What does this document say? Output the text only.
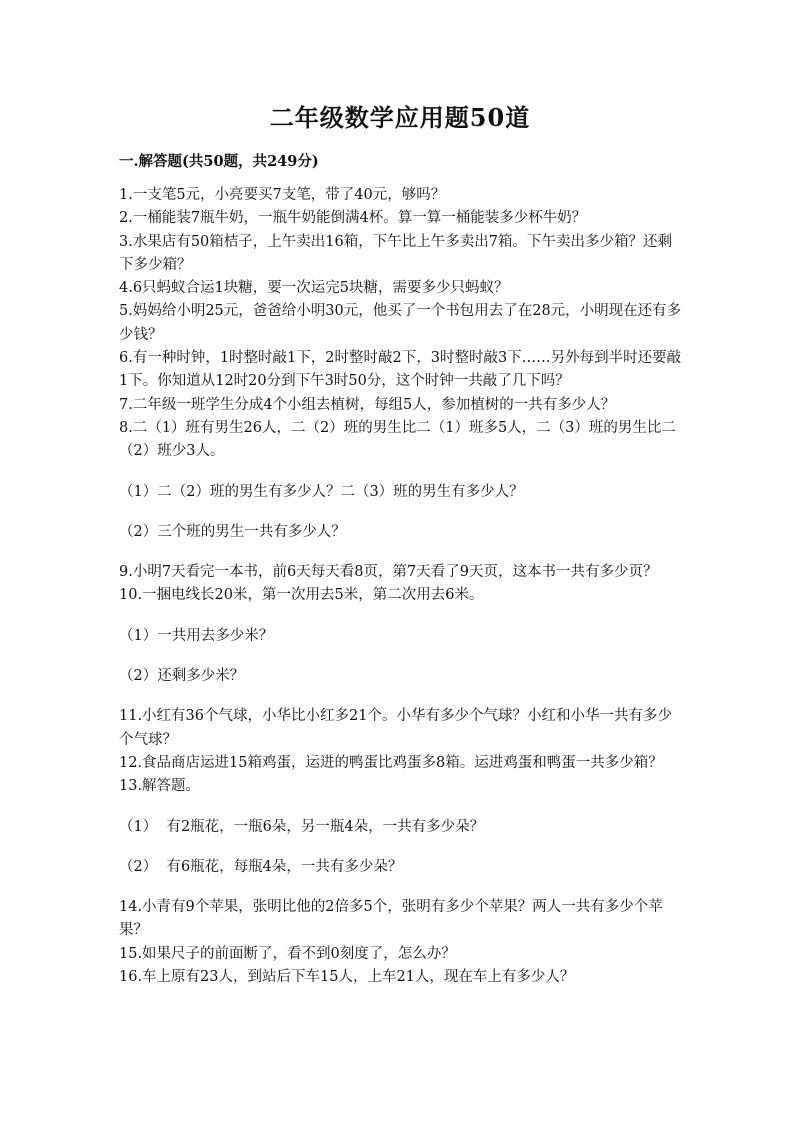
二年级数学应用题50道
一.解答题(共50题，共249分)

1.一支笔5元，小亮要买7支笔，带了40元，够吗？

2.一桶能装7瓶牛奶，一瓶牛奶能倒满4杯。算一算一桶能装多少杯牛奶？

3.水果店有50箱桔子，上午卖出16箱，下午比上午多卖出7箱。下午卖出多少箱？还剩下多少箱？

4.6只蚂蚁合运1块糖，要一次运完5块糖，需要多少只蚂蚁？

5.妈妈给小明25元，爸爸给小明30元，他买了一个书包用去了在28元，小明现在还有多少钱？

6.有一种时钟，1时整时敲1下，2时整时敲2下，3时整时敲3下……另外每到半时还要敲1下。你知道从12时20分到下午3时50分，这个时钟一共敲了几下吗？

7.二年级一班学生分成4个小组去植树，每组5人，参加植树的一共有多少人？

8.二（1）班有男生26人，二（2）班的男生比二（1）班多5人，二（3）班的男生比二（2）班少3人。

（1）二（2）班的男生有多少人？二（3）班的男生有多少人？

（2）三个班的男生一共有多少人？

9.小明7天看完一本书，前6天每天看8页，第7天看了9天页，这本书一共有多少页？

10.一捆电线长20米，第一次用去5米，第二次用去6米。

（1）一共用去多少米？

（2）还剩多少米？

11.小红有36个气球，小华比小红多21个。小华有多少个气球？小红和小华一共有多少个气球？

12.食品商店运进15箱鸡蛋，运进的鸭蛋比鸡蛋多8箱。运进鸡蛋和鸭蛋一共多少箱？

13.解答题。

（1）  有2瓶花，一瓶6朵，另一瓶4朵，一共有多少朵？

（2）  有6瓶花，每瓶4朵，一共有多少朵？

14.小青有9个苹果，张明比他的2倍多5个，张明有多少个苹果？两人一共有多少个苹果？

15.如果尺子的前面断了，看不到0刻度了，怎么办？

16.车上原有23人，到站后下车15人，上车21人，现在车上有多少人？
